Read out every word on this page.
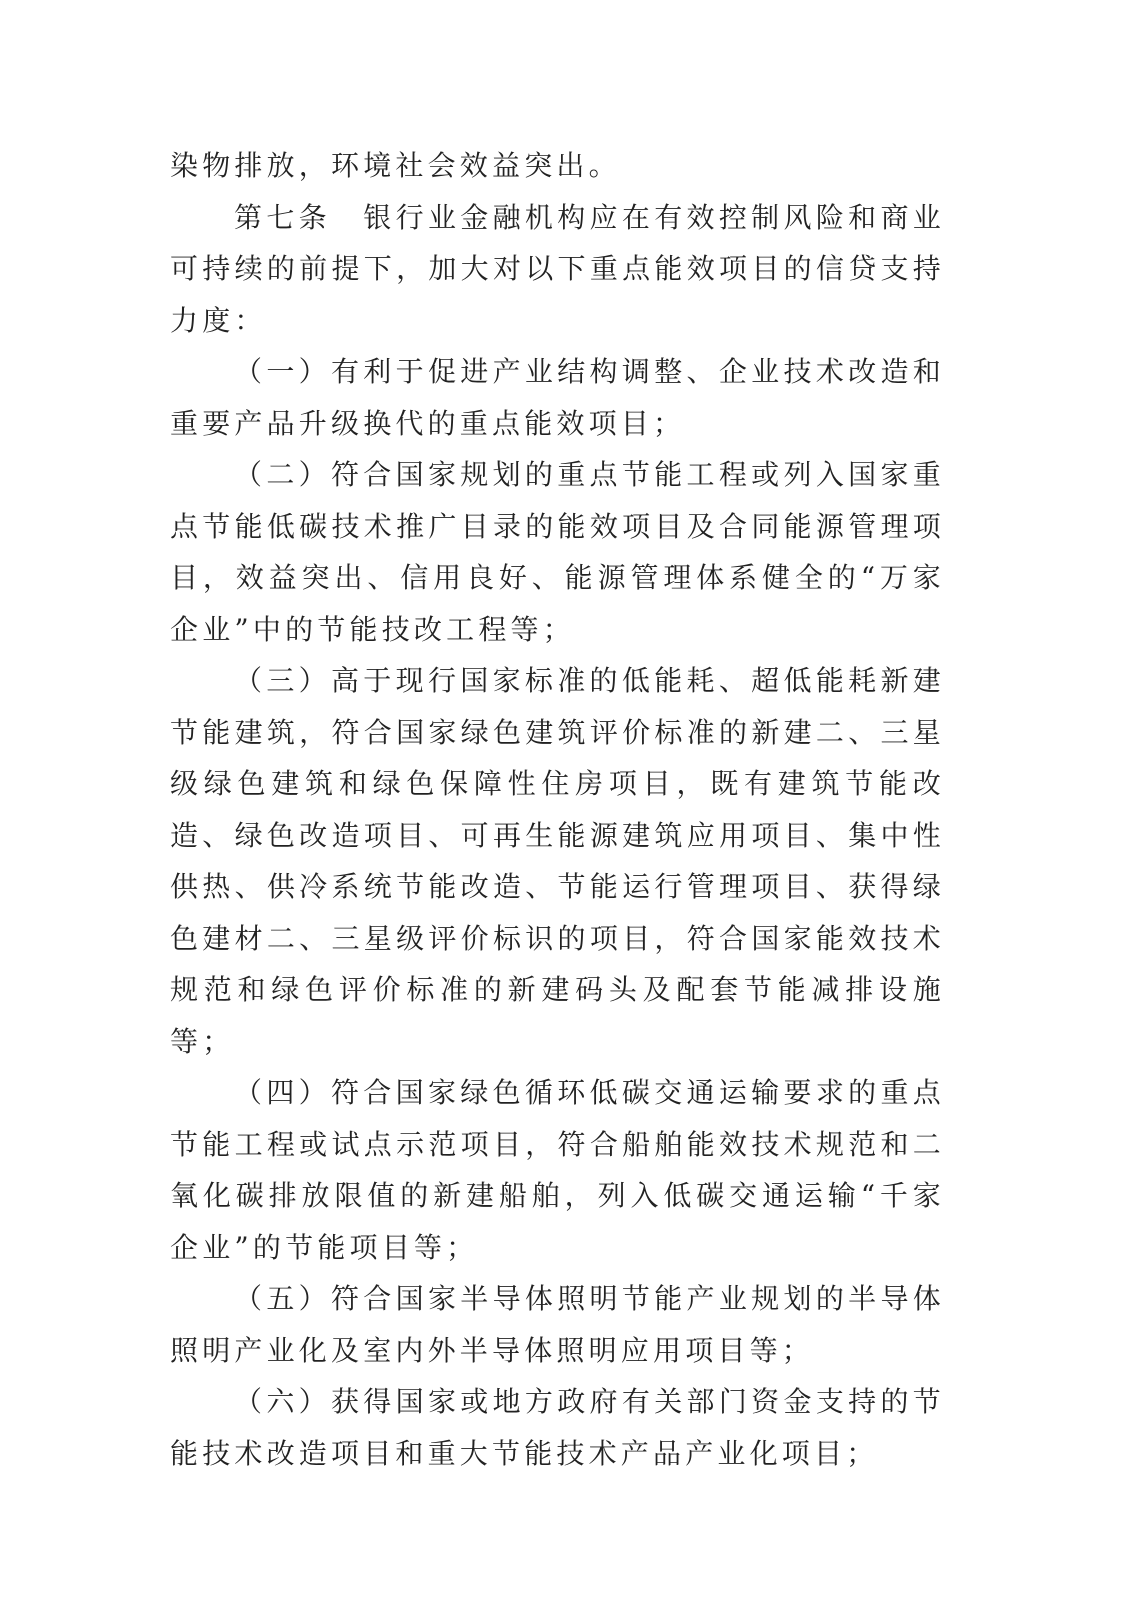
染物排放，环境社会效益突出。

第七条　银行业金融机构应在有效控制风险和商业可持续的前提下，加大对以下重点能效项目的信贷支持力度：

（一）有利于促进产业结构调整、企业技术改造和重要产品升级换代的重点能效项目；

（二）符合国家规划的重点节能工程或列入国家重点节能低碳技术推广目录的能效项目及合同能源管理项目，效益突出、信用良好、能源管理体系健全的“万家企业”中的节能技改工程等；

（三）高于现行国家标准的低能耗、超低能耗新建节能建筑，符合国家绿色建筑评价标准的新建二、三星级绿色建筑和绿色保障性住房项目，既有建筑节能改造、绿色改造项目、可再生能源建筑应用项目、集中性供热、供冷系统节能改造、节能运行管理项目、获得绿色建材二、三星级评价标识的项目，符合国家能效技术规范和绿色评价标准的新建码头及配套节能减排设施等；

（四）符合国家绿色循环低碳交通运输要求的重点节能工程或试点示范项目，符合船舶能效技术规范和二氧化碳排放限值的新建船舶，列入低碳交通运输“千家企业”的节能项目等；

（五）符合国家半导体照明节能产业规划的半导体照明产业化及室内外半导体照明应用项目等；

（六）获得国家或地方政府有关部门资金支持的节能技术改造项目和重大节能技术产品产业化项目；
